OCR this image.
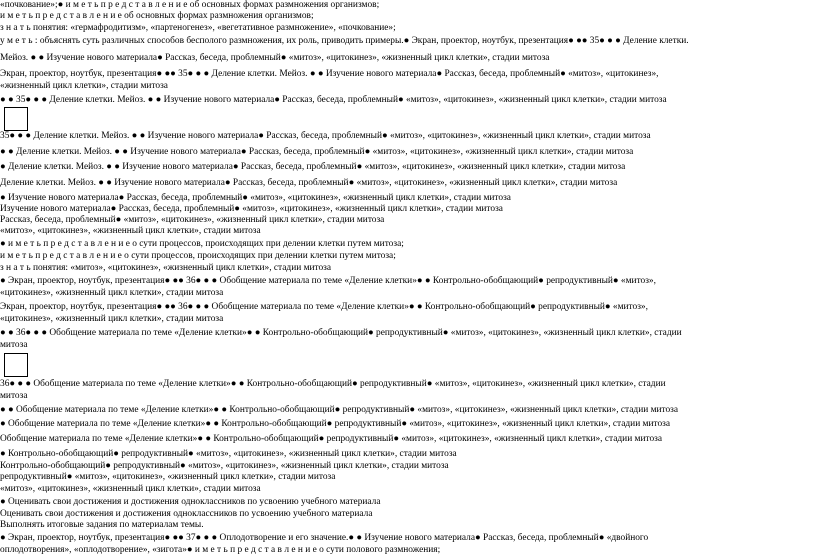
«почкование»;● и м е т ь п р е д с т а в л е н и е об основных формах размножения организмов;
и м е т ь п р е д с т а в л е н и е об основных формах размножения организмов;
з н а т ь понятия: «гермафродитизм», «партеногенез», «вегетативное размножение», «почкование»;
у м е т ь : объяснять суть различных способов бесполого размножения, их роль, приводить примеры.● Экран, проектор, ноутбук, презентация● ●● 35● ● ● Деление клетки.
Мейоз. ● ● Изучение нового материала● Рассказ, беседа, проблемный● «митоз», «цитокинез», «жизненный цикл клетки», стадии митоза
Экран, проектор, ноутбук, презентация● ●● 35● ● ● Деление клетки. Мейоз. ● ● Изучение нового материала● Рассказ, беседа, проблемный● «митоз», «цитокинез»,
«жизненный цикл клетки», стадии митоза
● ● 35● ● ● Деление клетки. Мейоз. ● ● Изучение нового материала● Рассказ, беседа, проблемный● «митоз», «цитокинез», «жизненный цикл клетки», стадии митоза
35● ● ● Деление клетки. Мейоз. ● ● Изучение нового материала● Рассказ, беседа, проблемный● «митоз», «цитокинез», «жизненный цикл клетки», стадии митоза
● ● Деление клетки. Мейоз. ● ● Изучение нового материала● Рассказ, беседа, проблемный● «митоз», «цитокинез», «жизненный цикл клетки», стадии митоза
● Деление клетки. Мейоз. ● ● Изучение нового материала● Рассказ, беседа, проблемный● «митоз», «цитокинез», «жизненный цикл клетки», стадии митоза
Деление клетки. Мейоз. ● ● Изучение нового материала● Рассказ, беседа, проблемный● «митоз», «цитокинез», «жизненный цикл клетки», стадии митоза
● Изучение нового материала● Рассказ, беседа, проблемный● «митоз», «цитокинез», «жизненный цикл клетки», стадии митоза
Изучение нового материала● Рассказ, беседа, проблемный● «митоз», «цитокинез», «жизненный цикл клетки», стадии митоза
Рассказ, беседа, проблемный● «митоз», «цитокинез», «жизненный цикл клетки», стадии митоза
«митоз», «цитокинез», «жизненный цикл клетки», стадии митоза
● и м е т ь п р е д с т а в л е н и е о сути процессов, происходящих при делении клетки путем митоза;
и м е т ь п р е д с т а в л е н и е о сути процессов, происходящих при делении клетки путем митоза;
з н а т ь понятия: «митоз», «цитокинез», «жизненный цикл клетки», стадии митоза
● Экран, проектор, ноутбук, презентация● ●● 36● ● ● Обобщение материала по теме «Деление клетки»● ● Контрольно-обобщающий● репродуктивный● «митоз»,
«цитокинез», «жизненный цикл клетки», стадии митоза
Экран, проектор, ноутбук, презентация● ●● 36● ● ● Обобщение материала по теме «Деление клетки»● ● Контрольно-обобщающий● репродуктивный● «митоз»,
«цитокинез», «жизненный цикл клетки», стадии митоза
● ● 36● ● ● Обобщение материала по теме «Деление клетки»● ● Контрольно-обобщающий● репродуктивный● «митоз», «цитокинез», «жизненный цикл клетки», стадии
митоза
36● ● ● Обобщение материала по теме «Деление клетки»● ● Контрольно-обобщающий● репродуктивный● «митоз», «цитокинез», «жизненный цикл клетки», стадии
митоза
● ● Обобщение материала по теме «Деление клетки»● ● Контрольно-обобщающий● репродуктивный● «митоз», «цитокинез», «жизненный цикл клетки», стадии митоза
● Обобщение материала по теме «Деление клетки»● ● Контрольно-обобщающий● репродуктивный● «митоз», «цитокинез», «жизненный цикл клетки», стадии митоза
Обобщение материала по теме «Деление клетки»● ● Контрольно-обобщающий● репродуктивный● «митоз», «цитокинез», «жизненный цикл клетки», стадии митоза
● Контрольно-обобщающий● репродуктивный● «митоз», «цитокинез», «жизненный цикл клетки», стадии митоза
Контрольно-обобщающий● репродуктивный● «митоз», «цитокинез», «жизненный цикл клетки», стадии митоза
репродуктивный● «митоз», «цитокинез», «жизненный цикл клетки», стадии митоза
«митоз», «цитокинез», «жизненный цикл клетки», стадии митоза
● Оценивать свои достижения и достижения одноклассников по усвоению учебного материала
Оценивать свои достижения и достижения одноклассников по усвоению учебного материала
Выполнять итоговые задания по материалам темы.
● Экран, проектор, ноутбук, презентация● ●● 37● ● ● Оплодотворение и его значение.● ● Изучение нового материала● Рассказ, беседа, проблемный● «двойного
оплодотворения», «оплодотворение», «зигота»● и м е т ь п р е д с т а в л е н и е о сути полового размножения;
